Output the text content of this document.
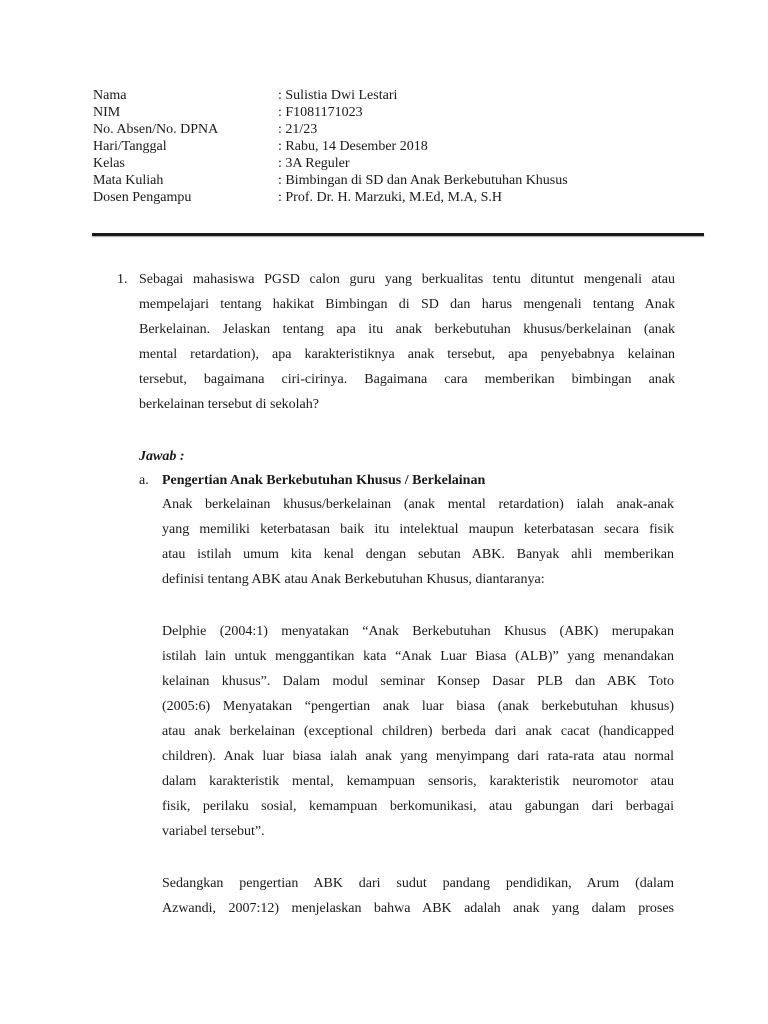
Nama	: Sulistia Dwi Lestari
NIM	: F1081171023
No. Absen/No. DPNA	: 21/23
Hari/Tanggal	: Rabu, 14 Desember 2018
Kelas	: 3A Reguler
Mata Kuliah	: Bimbingan di SD dan Anak Berkebutuhan Khusus
Dosen Pengampu	: Prof. Dr. H. Marzuki, M.Ed, M.A, S.H
1. Sebagai mahasiswa PGSD calon guru yang berkualitas tentu dituntut mengenali atau
mempelajari tentang hakikat Bimbingan di SD dan harus mengenali tentang Anak
Berkelainan. Jelaskan tentang apa itu anak berkebutuhan khusus/berkelainan (anak
mental retardation), apa karakteristiknya anak tersebut, apa penyebabnya kelainan
tersebut, bagaimana ciri-cirinya. Bagaimana cara memberikan bimbingan anak
berkelainan tersebut di sekolah?
Jawab :
a. Pengertian Anak Berkebutuhan Khusus / Berkelainan
Anak berkelainan khusus/berkelainan (anak mental retardation) ialah anak-anak
yang memiliki keterbatasan baik itu intelektual maupun keterbatasan secara fisik
atau istilah umum kita kenal dengan sebutan ABK. Banyak ahli memberikan
definisi tentang ABK atau Anak Berkebutuhan Khusus, diantaranya:
Delphie (2004:1) menyatakan “Anak Berkebutuhan Khusus (ABK) merupakan
istilah lain untuk menggantikan kata “Anak Luar Biasa (ALB)” yang menandakan
kelainan khusus”. Dalam modul seminar Konsep Dasar PLB dan ABK Toto
(2005:6) Menyatakan “pengertian anak luar biasa (anak berkebutuhan khusus)
atau anak berkelainan (exceptional children) berbeda dari anak cacat (handicapped
children). Anak luar biasa ialah anak yang menyimpang dari rata-rata atau normal
dalam karakteristik mental, kemampuan sensoris, karakteristik neuromotor atau
fisik, perilaku sosial, kemampuan berkomunikasi, atau gabungan dari berbagai
variabel tersebut”.
Sedangkan pengertian ABK dari sudut pandang pendidikan, Arum (dalam
Azwandi, 2007:12) menjelaskan bahwa ABK adalah anak yang dalam proses
